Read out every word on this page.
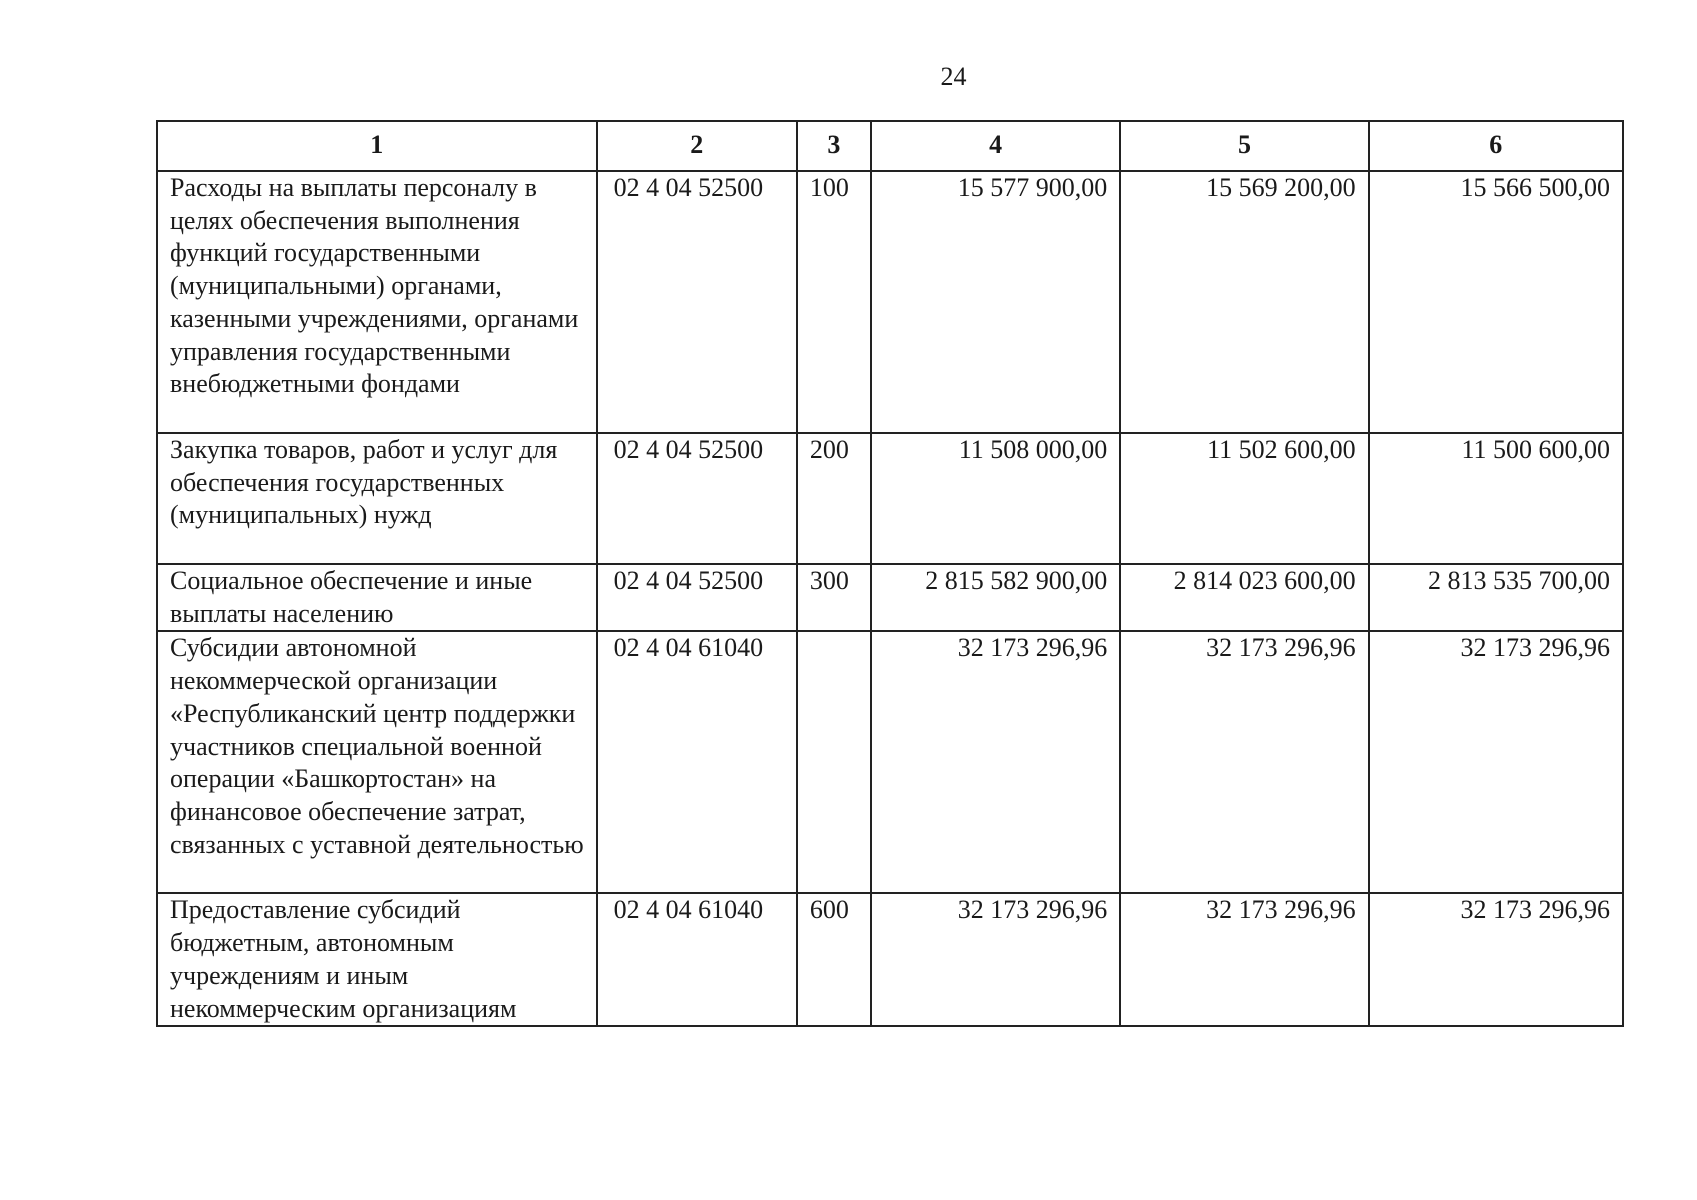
24
1	2	3	4	5	6
Расходы на выплаты персоналу в целях обеспечения выполнения функций государственными (муниципальными) органами, казенными учреждениями, органами управления государственными внебюджетными фондами	02 4 04 52500	100	15 577 900,00	15 569 200,00	15 566 500,00
Закупка товаров, работ и услуг для обеспечения государственных (муниципальных) нужд	02 4 04 52500	200	11 508 000,00	11 502 600,00	11 500 600,00
Социальное обеспечение и иные выплаты населению	02 4 04 52500	300	2 815 582 900,00	2 814 023 600,00	2 813 535 700,00
Субсидии автономной некоммерческой организации «Республиканский центр поддержки участников специальной военной операции «Башкортостан» на финансовое обеспечение затрат, связанных с уставной деятельностью	02 4 04 61040		32 173 296,96	32 173 296,96	32 173 296,96
Предоставление субсидий бюджетным, автономным учреждениям и иным некоммерческим организациям	02 4 04 61040	600	32 173 296,96	32 173 296,96	32 173 296,96
